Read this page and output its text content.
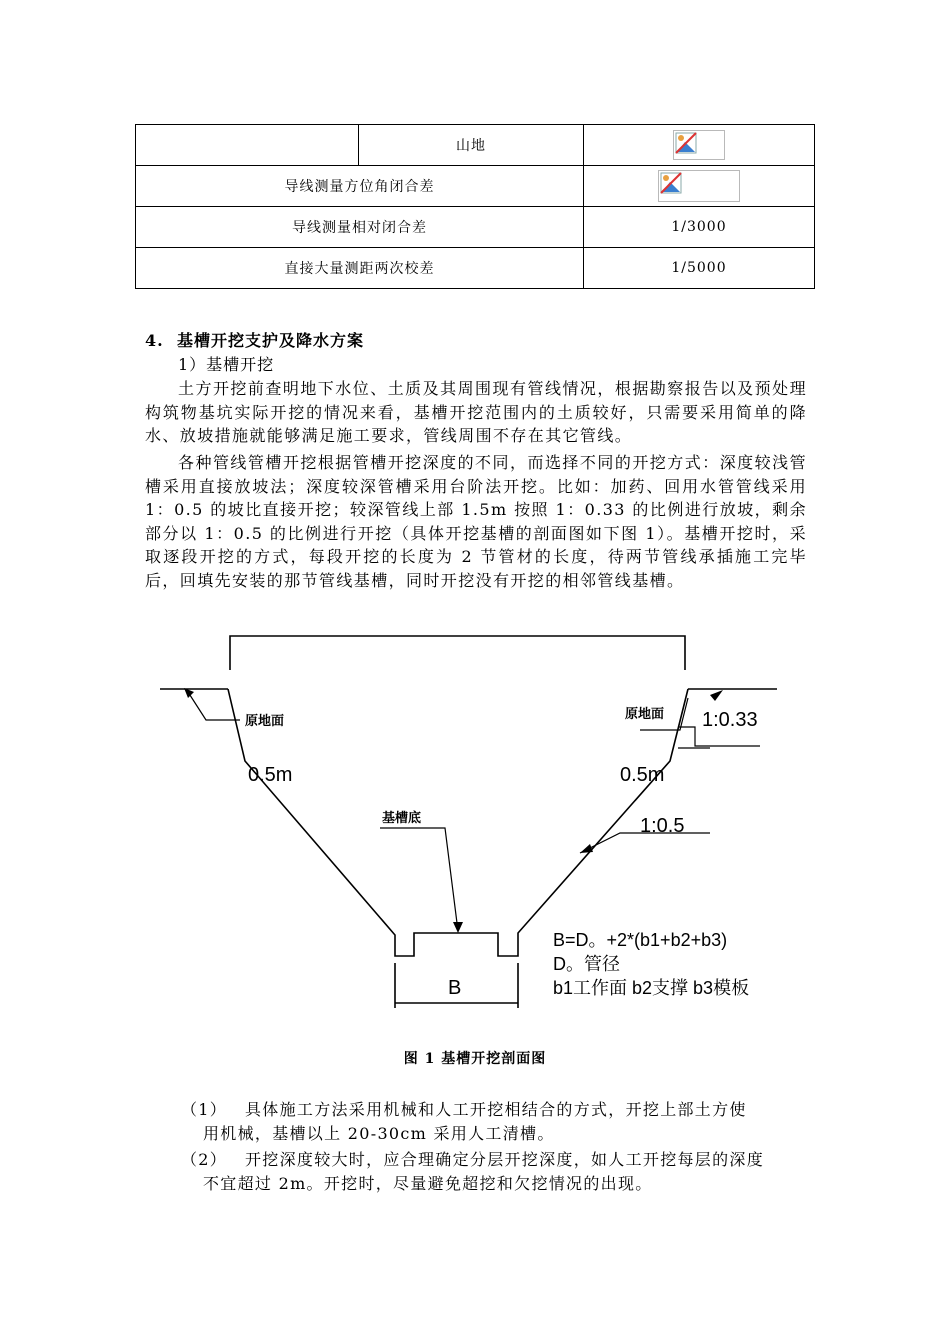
	山地	

导线测量方位角闭合差	

导线测量相对闭合差		1/3000
直接大量测距两次校差		1/5000
4. 基槽开挖支护及降水方案
1）基槽开挖

土方开挖前查明地下水位、土质及其周围现有管线情况，根据勘察报告以及预处理构筑物基坑实际开挖的情况来看，基槽开挖范围内的土质较好，只需要采用简单的降水、放坡措施就能够满足施工要求，管线周围不存在其它管线。

各种管线管槽开挖根据管槽开挖深度的不同，而选择不同的开挖方式：深度较浅管槽采用直接放坡法；深度较深管槽采用台阶法开挖。比如：加药、回用水管管线采用 1：0.5 的坡比直接开挖；较深管线上部 1.5m 按照 1：0.33 的比例进行放坡，剩余部分以 1：0.5 的比例进行开挖（具体开挖基槽的剖面图如下图 1）。基槽开挖时，采取逐段开挖的方式，每段开挖的长度为 2 节管材的长度，待两节管线承插施工完毕后，回填先安装的那节管线基槽，同时开挖没有开挖的相邻管线基槽。

原地面	原地面 1:0.33
0.5m	0.5m
1:0.5
基槽底
B
B=D。+2*(b1+b2+b3)
D。管径
b1工作面 b2支撑 b3模板
图 1 基槽开挖剖面图
（1）	具体施工方法采用机械和人工开挖相结合的方式，开挖上部土方使
用机械，基槽以上 20-30cm 采用人工清槽。
（2）	开挖深度较大时，应合理确定分层开挖深度，如人工开挖每层的深度
不宜超过 2m。开挖时，尽量避免超挖和欠挖情况的出现。
